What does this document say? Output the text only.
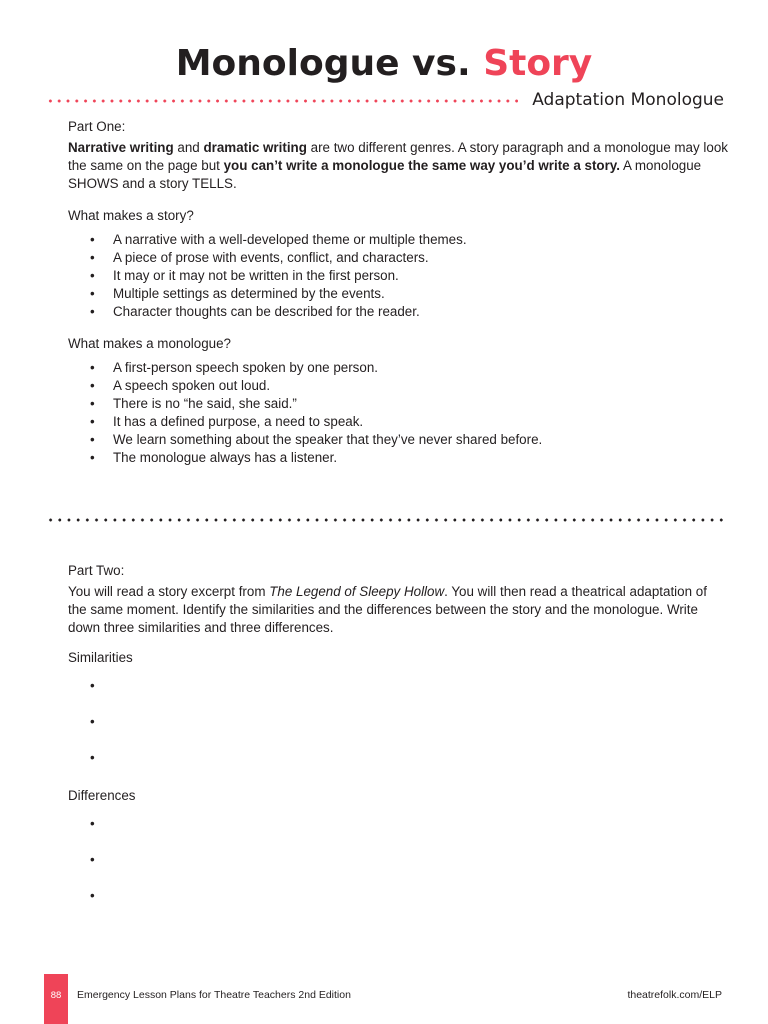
Monologue vs. Story
Adaptation Monologue

Part One:

Narrative writing and dramatic writing are two different genres. A story paragraph and a monologue may look the same on the page but you can’t write a monologue the same way you’d write a story. A monologue SHOWS and a story TELLS.

What makes a story?

• A narrative with a well-developed theme or multiple themes.
• A piece of prose with events, conflict, and characters.
• It may or it may not be written in the first person.
• Multiple settings as determined by the events.
• Character thoughts can be described for the reader.

What makes a monologue?

• A first-person speech spoken by one person.
• A speech spoken out loud.
• There is no “he said, she said.”
• It has a defined purpose, a need to speak.
• We learn something about the speaker that they’ve never shared before.
• The monologue always has a listener.

Part Two:

You will read a story excerpt from The Legend of Sleepy Hollow. You will then read a theatrical adaptation of the same moment. Identify the similarities and the differences between the story and the monologue. Write down three similarities and three differences.

Similarities

•
•
•

Differences

•
•
•
88	Emergency Lesson Plans for Theatre Teachers 2nd Edition	theatrefolk.com/ELP
